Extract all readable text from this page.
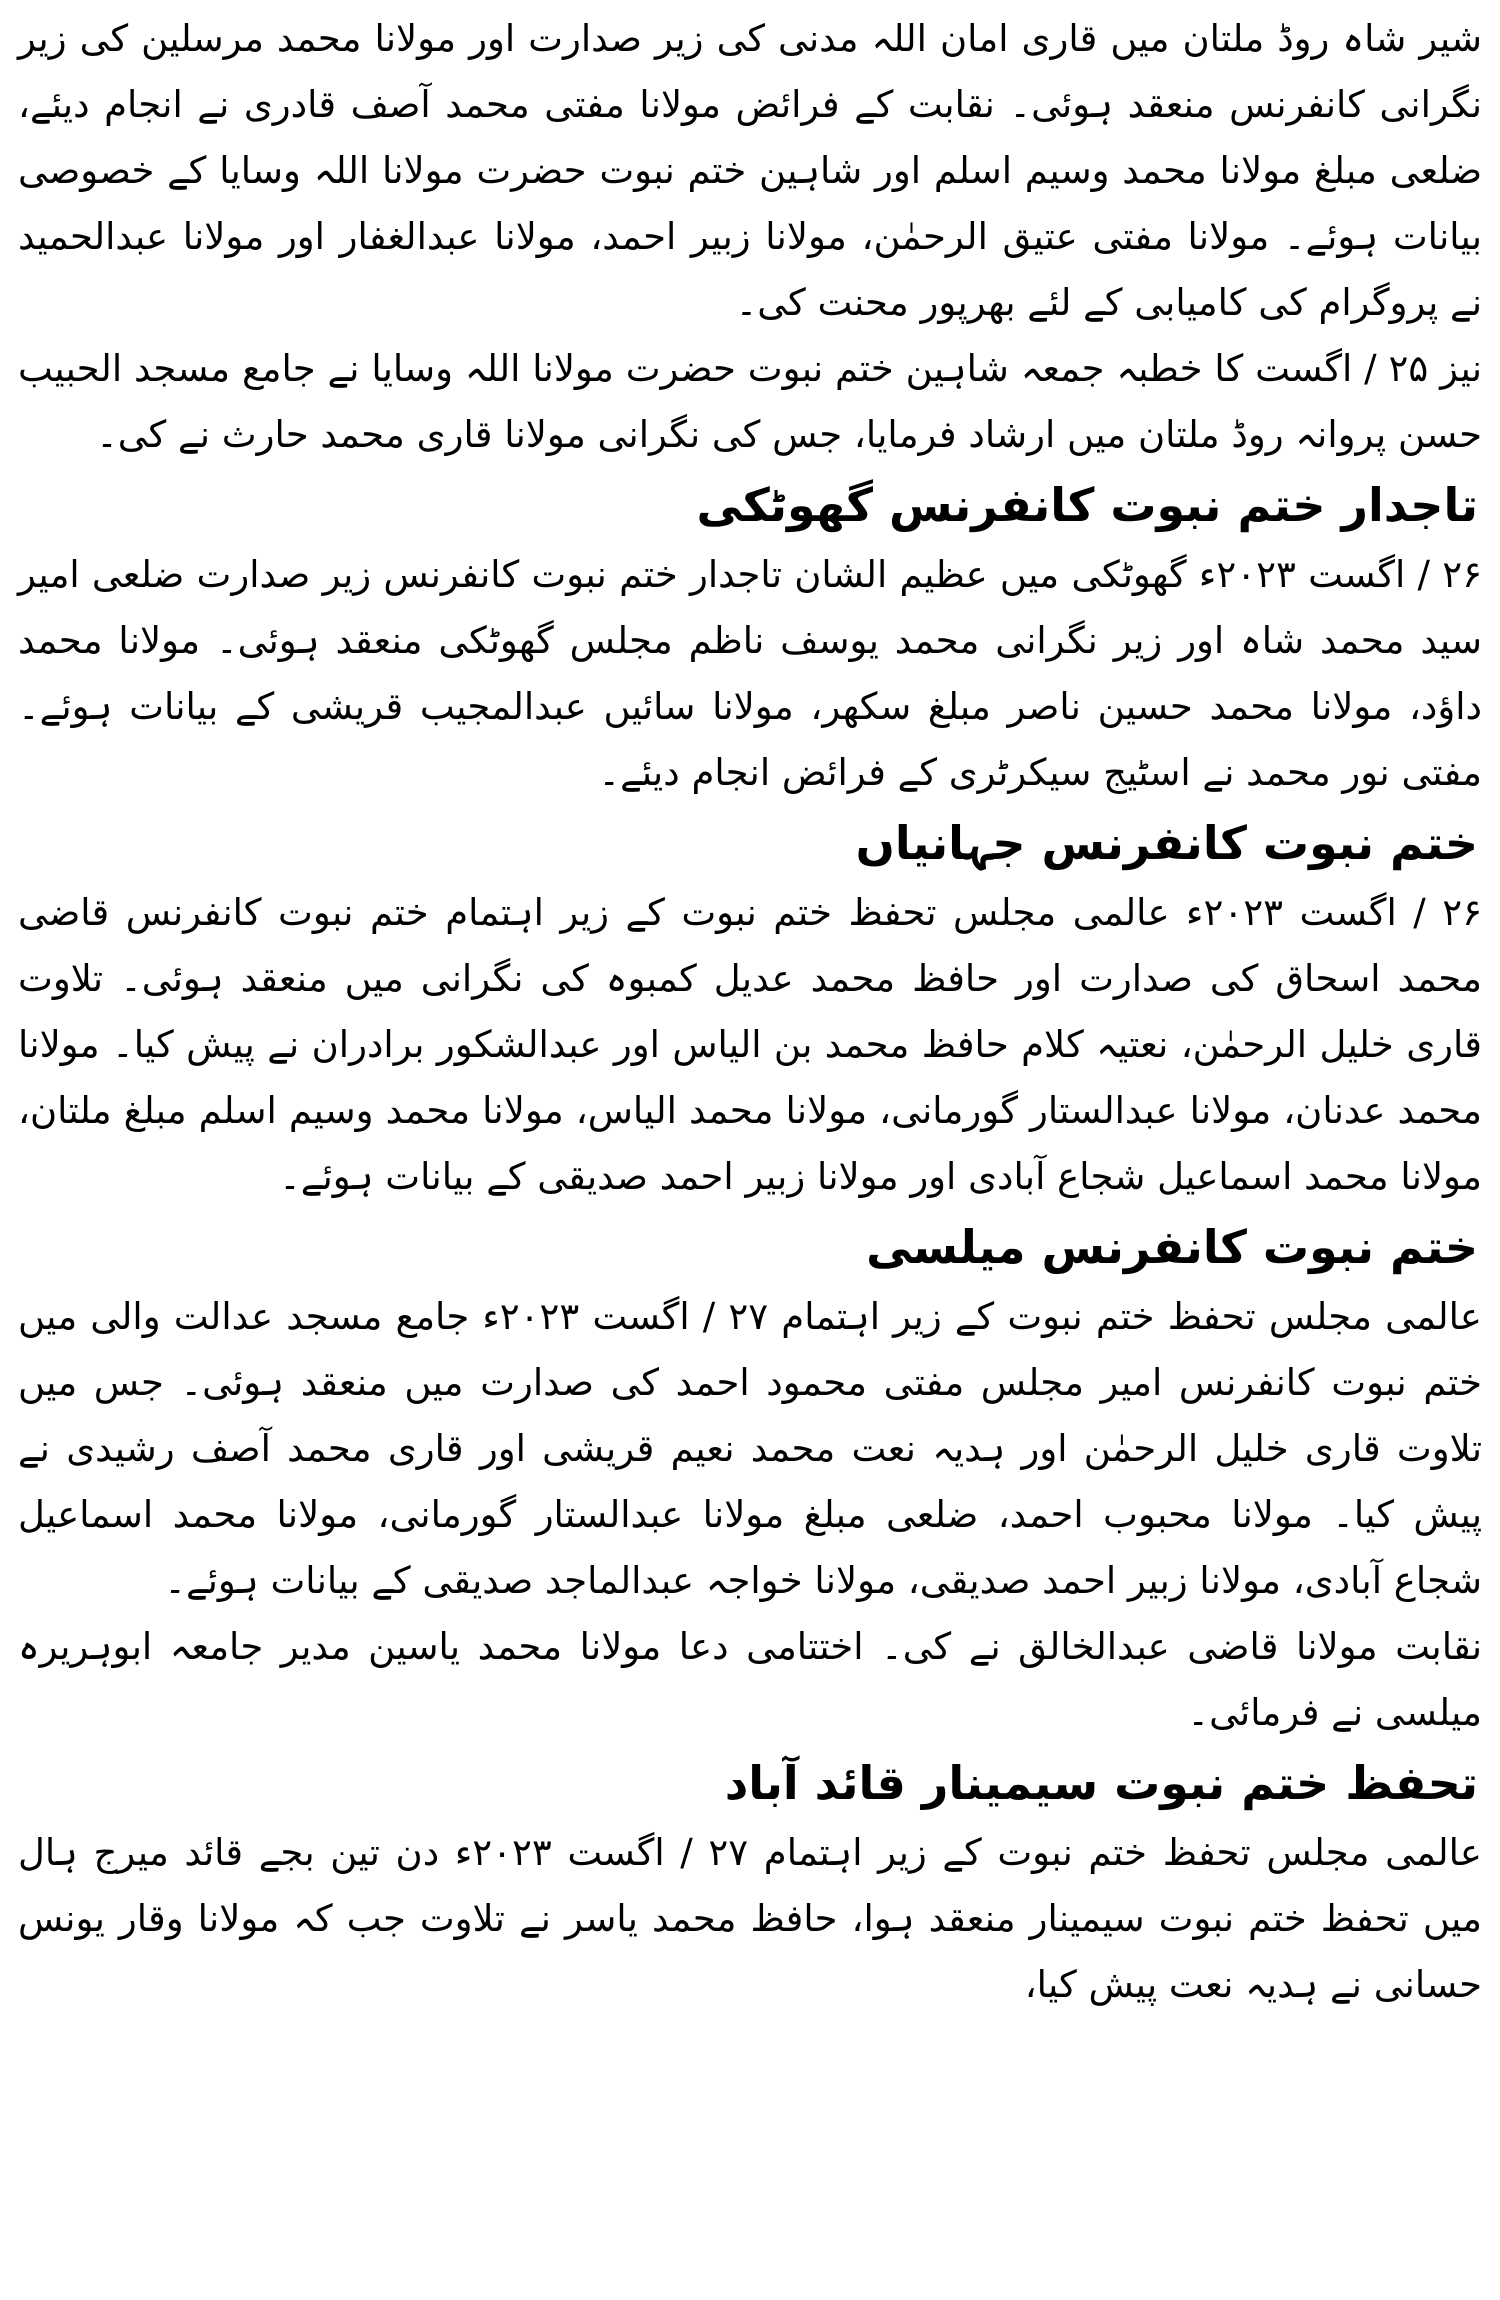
شیر شاہ روڈ ملتان میں قاری امان اللہ مدنی کی زیر صدارت اور مولانا محمد مرسلین کی زیر نگرانی کانفرنس منعقد ہوئی۔ نقابت کے فرائض مولانا مفتی محمد آصف قادری نے انجام دیئے، ضلعی مبلغ مولانا محمد وسیم اسلم اور شاہین ختم نبوت حضرت مولانا اللہ وسایا کے خصوصی بیانات ہوئے۔ مولانا مفتی عتیق الرحمٰن، مولانا زبیر احمد، مولانا عبدالغفار اور مولانا عبدالحمید نے پروگرام کی کامیابی کے لئے بھرپور محنت کی۔

نیز ۲۵ / اگست کا خطبہ جمعہ شاہین ختم نبوت حضرت مولانا اللہ وسایا نے جامع مسجد الحبیب حسن پروانہ روڈ ملتان میں ارشاد فرمایا، جس کی نگرانی مولانا قاری محمد حارث نے کی۔

تاجدار ختم نبوت کانفرنس گھوٹکی

۲۶ / اگست ۲۰۲۳ء گھوٹکی میں عظیم الشان تاجدار ختم نبوت کانفرنس زیر صدارت ضلعی امیر سید محمد شاہ اور زیر نگرانی محمد یوسف ناظم مجلس گھوٹکی منعقد ہوئی۔ مولانا محمد داؤد، مولانا محمد حسین ناصر مبلغ سکھر، مولانا سائیں عبدالمجیب قریشی کے بیانات ہوئے۔ مفتی نور محمد نے اسٹیج سیکرٹری کے فرائض انجام دیئے۔

ختم نبوت کانفرنس جہانیاں

۲۶ / اگست ۲۰۲۳ء عالمی مجلس تحفظ ختم نبوت کے زیر اہتمام ختم نبوت کانفرنس قاضی محمد اسحاق کی صدارت اور حافظ محمد عدیل کمبوہ کی نگرانی میں منعقد ہوئی۔ تلاوت قاری خلیل الرحمٰن، نعتیہ کلام حافظ محمد بن الیاس اور عبدالشکور برادران نے پیش کیا۔ مولانا محمد عدنان، مولانا عبدالستار گورمانی، مولانا محمد الیاس، مولانا محمد وسیم اسلم مبلغ ملتان، مولانا محمد اسماعیل شجاع آبادی اور مولانا زبیر احمد صدیقی کے بیانات ہوئے۔

ختم نبوت کانفرنس میلسی

عالمی مجلس تحفظ ختم نبوت کے زیر اہتمام ۲۷ / اگست ۲۰۲۳ء جامع مسجد عدالت والی میں ختم نبوت کانفرنس امیر مجلس مفتی محمود احمد کی صدارت میں منعقد ہوئی۔ جس میں تلاوت قاری خلیل الرحمٰن اور ہدیہ نعت محمد نعیم قریشی اور قاری محمد آصف رشیدی نے پیش کیا۔ مولانا محبوب احمد، ضلعی مبلغ مولانا عبدالستار گورمانی، مولانا محمد اسماعیل شجاع آبادی، مولانا زبیر احمد صدیقی، مولانا خواجہ عبدالماجد صدیقی کے بیانات ہوئے۔

نقابت مولانا قاضی عبدالخالق نے کی۔ اختتامی دعا مولانا محمد یاسین مدیر جامعہ ابوہریرہ میلسی نے فرمائی۔

تحفظ ختم نبوت سیمینار قائد آباد

عالمی مجلس تحفظ ختم نبوت کے زیر اہتمام ۲۷ / اگست ۲۰۲۳ء دن تین بجے قائد میرج ہال میں تحفظ ختم نبوت سیمینار منعقد ہوا، حافظ محمد یاسر نے تلاوت جب کہ مولانا وقار یونس حسانی نے ہدیہ نعت پیش کیا،
